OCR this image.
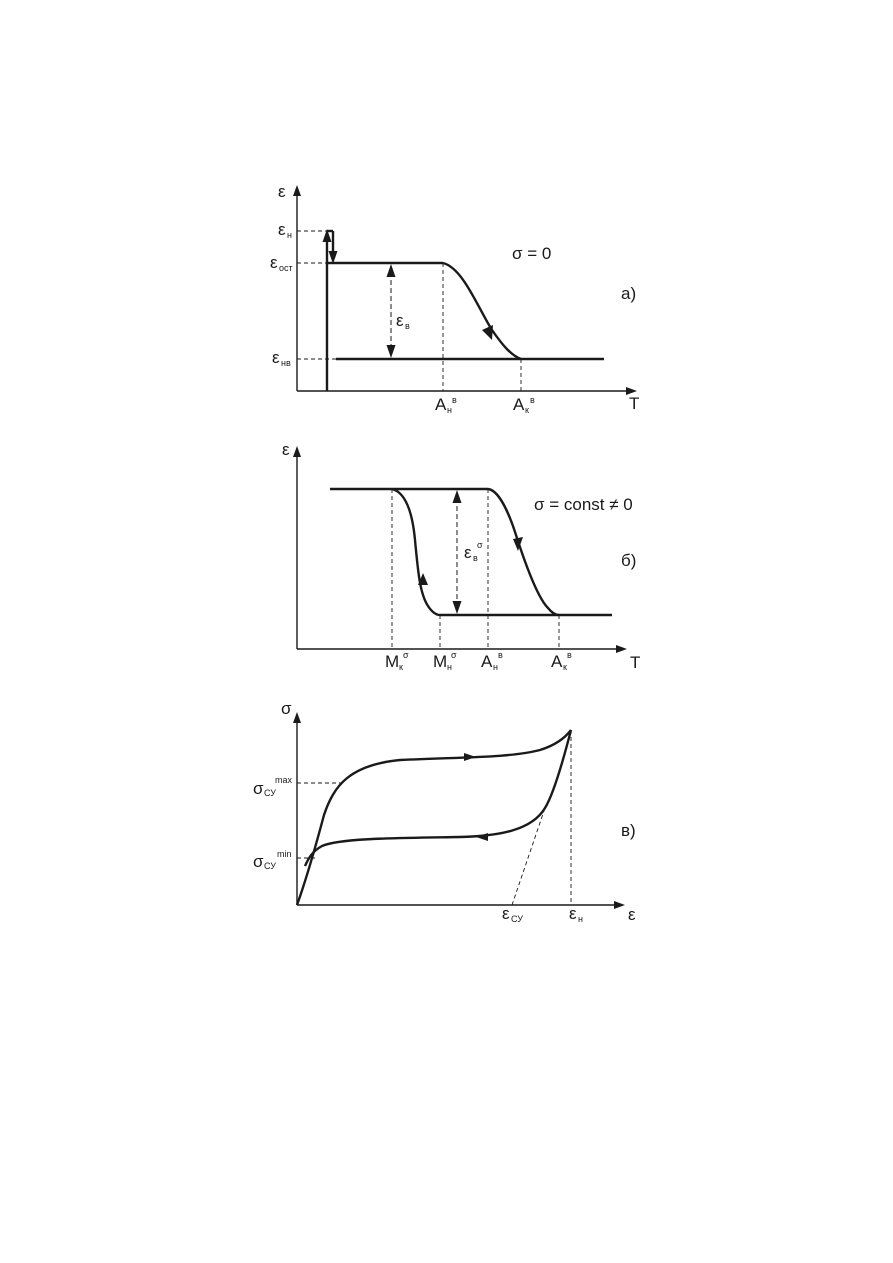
ε
T
ε н
ε ост
ε нв
ε в
σ = 0
а)
A н
в	A к
в
ε
T
ε в
σ
σ = const ≠ 0
б)
M к
σ M н
σ A н
в	A к
в
σ
ε
σ СУ
max
σ СУ
min
в)
ε СУ	ε н
